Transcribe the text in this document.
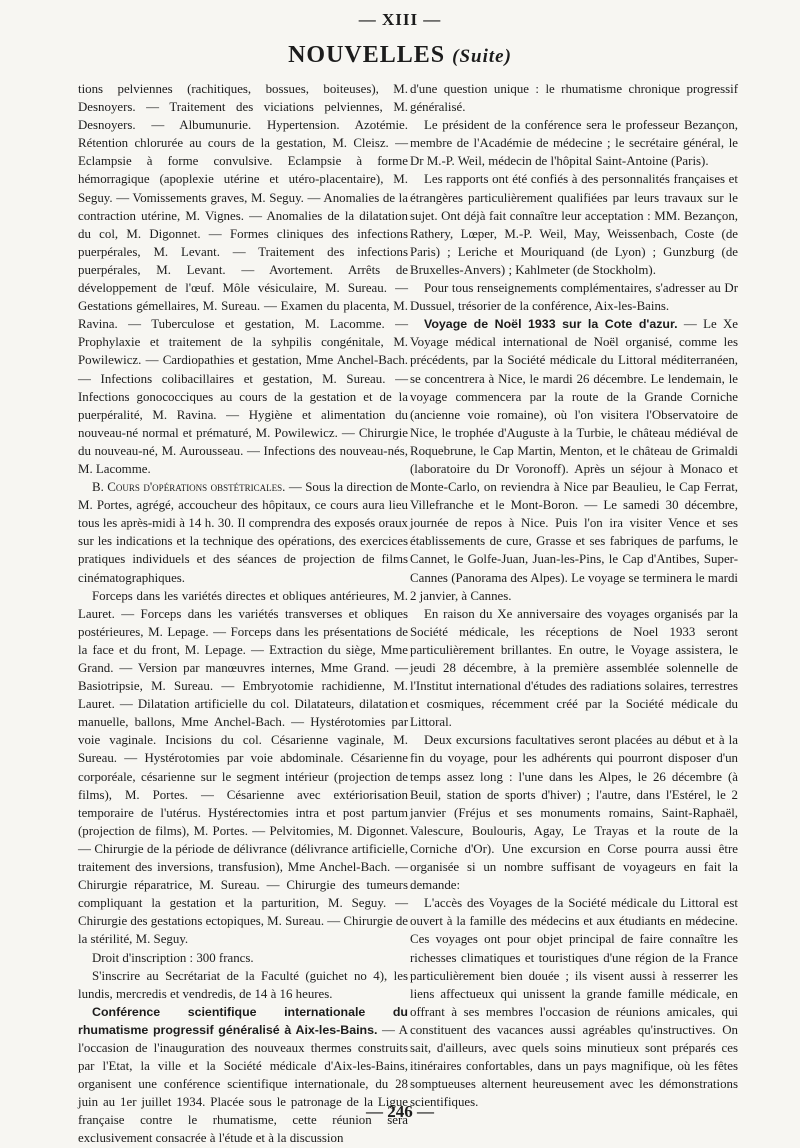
— XIII —
NOUVELLES (Suite)

tions pelviennes (rachitiques, bossues, boiteuses), M. Desnoyers. — Traitement des viciations pelviennes, M. Desnoyers. — Albumunurie. Hypertension. Azotémie. Rétention chlorurée au cours de la gestation, M. Cleisz. — Eclampsie à forme convulsive. Eclampsie à forme hémorragique (apoplexie utérine et utéro-placentaire), M. Seguy. — Vomissements graves, M. Seguy. — Anomalies de la contraction utérine, M. Vignes. — Anomalies de la dilatation du col, M. Digonnet. — Formes cliniques des infections puerpérales, M. Levant. — Traitement des infections puerpérales, M. Levant. — Avortement. Arrêts de développement de l'œuf. Môle vésiculaire, M. Sureau. — Gestations gémellaires, M. Sureau. — Examen du placenta, M. Ravina. — Tuberculose et gestation, M. Lacomme. — Prophylaxie et traitement de la syhpilis congénitale, M. Powilewicz. — Cardiopathies et gestation, Mme Anchel-Bach. — Infections colibacillaires et gestation, M. Sureau. — Infections gonococciques au cours de la gestation et de la puerpéralité, M. Ravina. — Hygiène et alimentation du nouveau-né normal et prématuré, M. Powilewicz. — Chirurgie du nouveau-né, M. Aurousseau. — Infections des nouveau-nés, M. Lacomme.

B. Cours d'opérations obstétricales. — Sous la direction de M. Portes, agrégé, accoucheur des hôpitaux, ce cours aura lieu tous les après-midi à 14 h. 30. Il comprendra des exposés oraux sur les indications et la technique des opérations, des exercices pratiques individuels et des séances de projection de films cinématographiques.

Forceps dans les variétés directes et obliques antérieures, M. Lauret. — Forceps dans les variétés transverses et obliques postérieures, M. Lepage. — Forceps dans les présentations de la face et du front, M. Lepage. — Extraction du siège, Mme Grand. — Version par manœuvres internes, Mme Grand. — Basiotripsie, M. Sureau. — Embryotomie rachidienne, M. Lauret. — Dilatation artificielle du col. Dilatateurs, dilatation manuelle, ballons, Mme Anchel-Bach. — Hystérotomies par voie vaginale. Incisions du col. Césarienne vaginale, M. Sureau. — Hystérotomies par voie abdominale. Césarienne corporéale, césarienne sur le segment intérieur (projection de films), M. Portes. — Césarienne avec extériorisation temporaire de l'utérus. Hystérectomies intra et post partum (projection de films), M. Portes. — Pelvitomies, M. Digonnet. — Chirurgie de la période de délivrance (délivrance artificielle, traitement des inversions, transfusion), Mme Anchel-Bach. — Chirurgie réparatrice, M. Sureau. — Chirurgie des tumeurs compliquant la gestation et la parturition, M. Seguy. — Chirurgie des gestations ectopiques, M. Sureau. — Chirurgie de la stérilité, M. Seguy.

Droit d'inscription : 300 francs.

S'inscrire au Secrétariat de la Faculté (guichet no 4), les lundis, mercredis et vendredis, de 14 à 16 heures.

Conférence scientifique internationale du rhumatisme progressif généralisé à Aix-les-Bains. — A l'occasion de l'inauguration des nouveaux thermes construits par l'Etat, la ville et la Société médicale d'Aix-les-Bains, organisent une conférence scientifique internationale, du 28 juin au 1er juillet 1934. Placée sous le patronage de la Ligue française contre le rhumatisme, cette réunion sera exclusivement consacrée à l'étude et à la discussion

d'une question unique : le rhumatisme chronique progressif généralisé.

Le président de la conférence sera le professeur Bezançon, membre de l'Académie de médecine ; le secrétaire général, le Dr M.-P. Weil, médecin de l'hôpital Saint-Antoine (Paris).

Les rapports ont été confiés à des personnalités françaises et étrangères particulièrement qualifiées par leurs travaux sur le sujet. Ont déjà fait connaître leur acceptation : MM. Bezançon, Rathery, Lœper, M.-P. Weil, May, Weissenbach, Coste (de Paris) ; Leriche et Mouriquand (de Lyon) ; Gunzburg (de Bruxelles-Anvers) ; Kahlmeter (de Stockholm).

Pour tous renseignements complémentaires, s'adresser au Dr Dussuel, trésorier de la conférence, Aix-les-Bains.

Voyage de Noël 1933 sur la Cote d'azur. — Le Xe Voyage médical international de Noël organisé, comme les précédents, par la Société médicale du Littoral méditerranéen, se concentrera à Nice, le mardi 26 décembre. Le lendemain, le voyage commencera par la route de la Grande Corniche (ancienne voie romaine), où l'on visitera l'Observatoire de Nice, le trophée d'Auguste à la Turbie, le château médiéval de Roquebrune, le Cap Martin, Menton, et le château de Grimaldi (laboratoire du Dr Voronoff). Après un séjour à Monaco et Monte-Carlo, on reviendra à Nice par Beaulieu, le Cap Ferrat, Villefranche et le Mont-Boron. — Le samedi 30 décembre, journée de repos à Nice. Puis l'on ira visiter Vence et ses établissements de cure, Grasse et ses fabriques de parfums, le Cannet, le Golfe-Juan, Juan-les-Pins, le Cap d'Antibes, Super-Cannes (Panorama des Alpes). Le voyage se terminera le mardi 2 janvier, à Cannes.

En raison du Xe anniversaire des voyages organisés par la Société médicale, les réceptions de Noel 1933 seront particulièrement brillantes. En outre, le Voyage assistera, le jeudi 28 décembre, à la première assemblée solennelle de l'Institut international d'études des radiations solaires, terrestres et cosmiques, récemment créé par la Société médicale du Littoral.

Deux excursions facultatives seront placées au début et à la fin du voyage, pour les adhérents qui pourront disposer d'un temps assez long : l'une dans les Alpes, le 26 décembre (à Beuil, station de sports d'hiver) ; l'autre, dans l'Estérel, le 2 janvier (Fréjus et ses monuments romains, Saint-Raphaël, Valescure, Boulouris, Agay, Le Trayas et la route de la Corniche d'Or). Une excursion en Corse pourra aussi être organisée si un nombre suffisant de voyageurs en fait la demande:

L'accès des Voyages de la Société médicale du Littoral est ouvert à la famille des médecins et aux étudiants en médecine. Ces voyages ont pour objet principal de faire connaître les richesses climatiques et touristiques d'une région de la France particulièrement bien douée ; ils visent aussi à resserrer les liens affectueux qui unissent la grande famille médicale, en offrant à ses membres l'occasion de réunions amicales, qui constituent des vacances aussi agréables qu'instructives. On sait, d'ailleurs, avec quels soins minutieux sont préparés ces itinéraires confortables, dans un pays magnifique, où les fêtes somptueuses alternent heureusement avec les démonstrations scientifiques.

— 246 —
